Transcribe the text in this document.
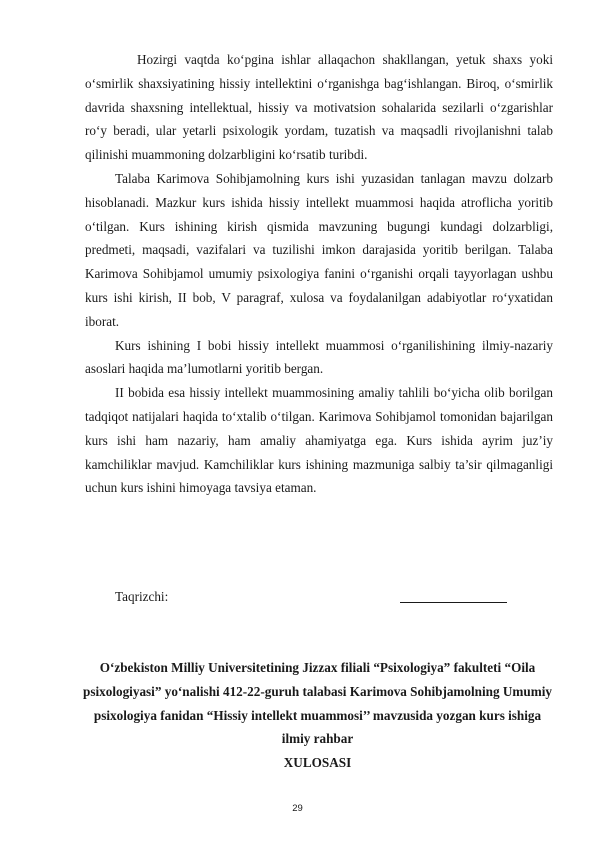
Hozirgi vaqtda ko‘pgina ishlar allaqachon shakllangan, yetuk shaxs yoki o‘smirlik shaxsiyatining hissiy intellektini o‘rganishga bag‘ishlangan. Biroq, o‘smirlik davrida shaxsning intellektual, hissiy va motivatsion sohalarida sezilarli o‘zgarishlar ro‘y beradi, ular yetarli psixologik yordam, tuzatish va maqsadli rivojlanishni talab qilinishi muammoning dolzarbligini ko‘rsatib turibdi.

Talaba Karimova Sohibjamolning kurs ishi yuzasidan tanlagan mavzu dolzarb hisoblanadi. Mazkur kurs ishida hissiy intellekt muammosi haqida atroflicha yoritib o‘tilgan. Kurs ishining kirish qismida mavzuning bugungi kundagi dolzarbligi, predmeti, maqsadi, vazifalari va tuzilishi imkon darajasida yoritib berilgan. Talaba Karimova Sohibjamol umumiy psixologiya fanini o‘rganishi orqali tayyorlagan ushbu kurs ishi kirish, II bob, V paragraf, xulosa va foydalanilgan adabiyotlar ro‘yxatidan iborat.

Kurs ishining I bobi hissiy intellekt muammosi o‘rganilishining ilmiy-nazariy asoslari haqida ma’lumotlarni yoritib bergan.

II bobida esa hissiy intellekt muammosining amaliy tahlili bo‘yicha olib borilgan tadqiqot natijalari haqida to‘xtalib o‘tilgan. Karimova Sohibjamol tomonidan bajarilgan kurs ishi ham nazariy, ham amaliy ahamiyatga ega. Kurs ishida ayrim juz’iy kamchiliklar mavjud. Kamchiliklar kurs ishining mazmuniga salbiy ta’sir qilmaganligi uchun kurs ishini himoyaga tavsiya etaman.

Taqrizchi:
O‘zbekiston Milliy Universitetining Jizzax filiali “Psixologiya” fakulteti “Oila psixologiyasi” yo‘nalishi 412-22-guruh talabasi Karimova Sohibjamolning Umumiy psixologiya fanidan “Hissiy intellekt muammosi’’ mavzusida yozgan kurs ishiga ilmiy rahbar
XULOSASI
29
